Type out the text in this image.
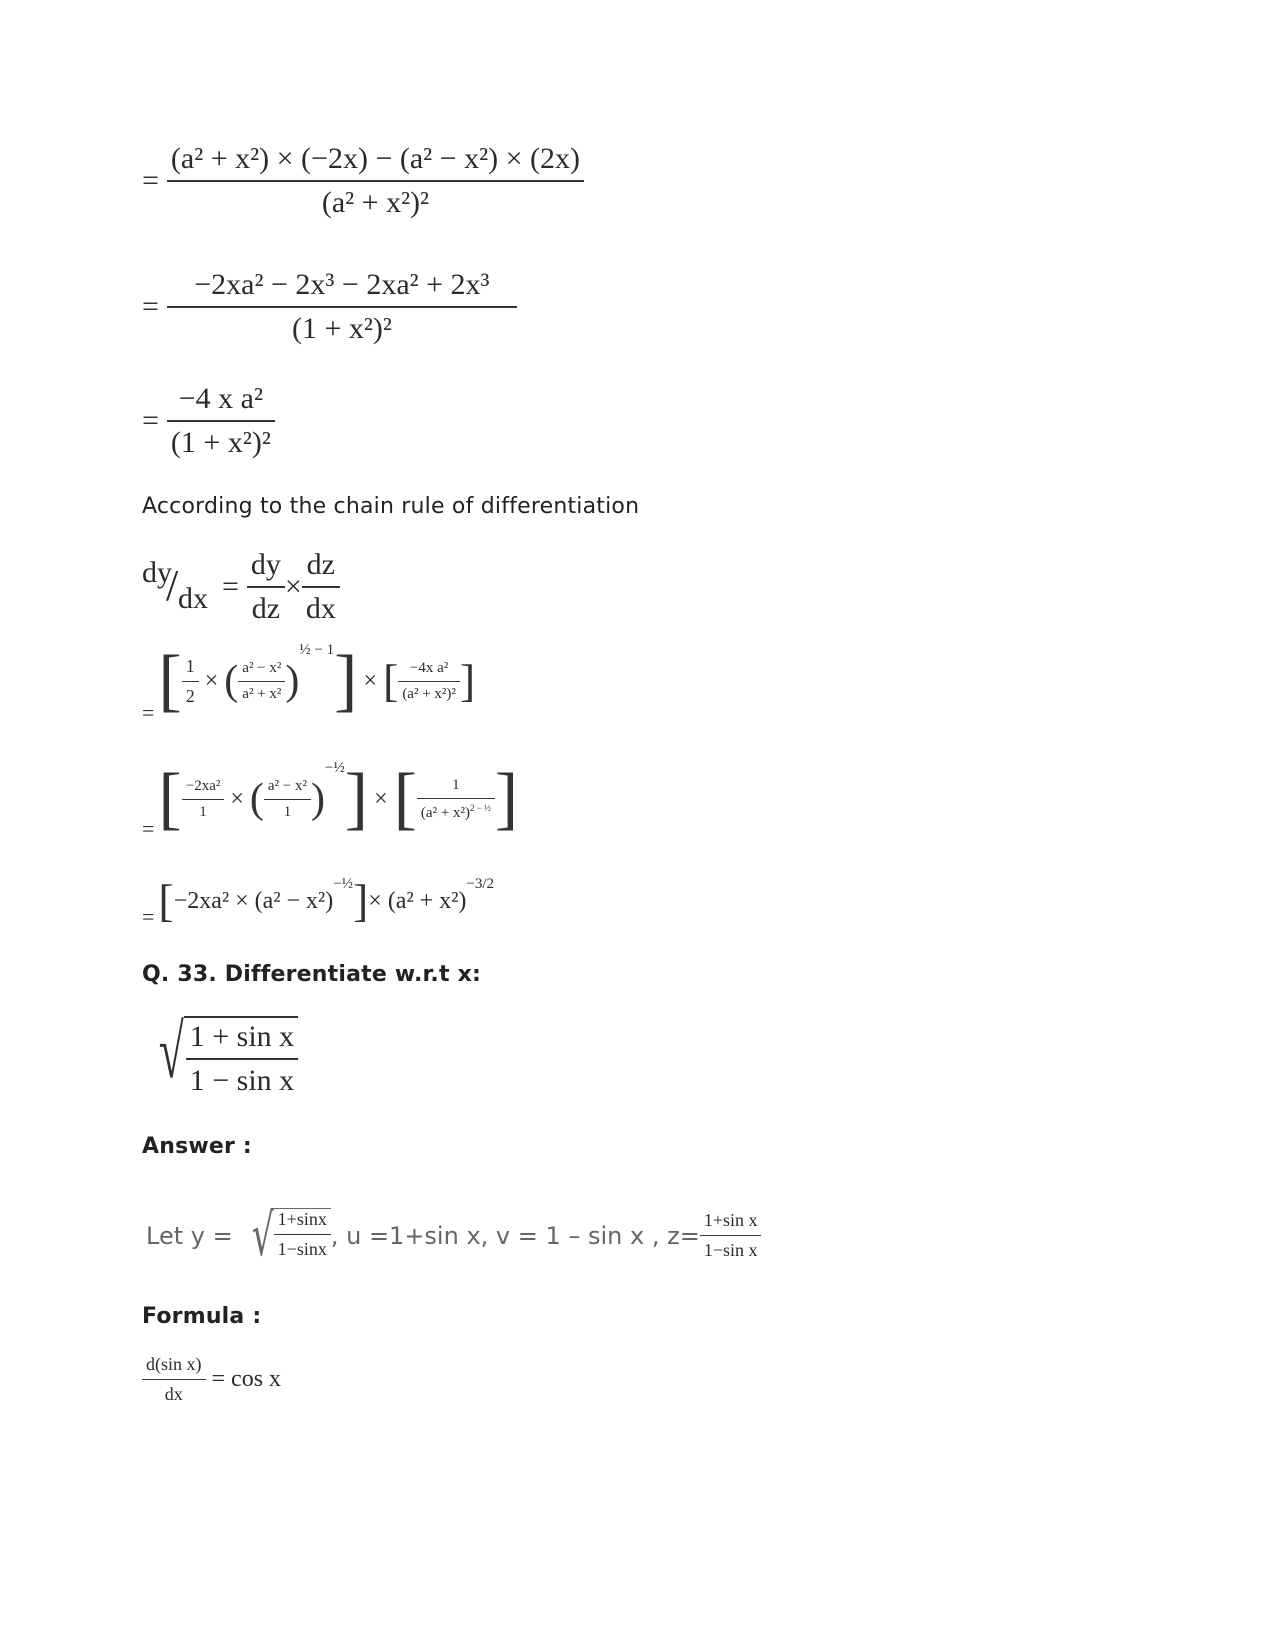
= $\frac{\text{(a² + x²) × (−2x) − (a² − x²) × (2x)}}{\text{(a² + x²)²}}$
= $\frac{\text{−2xa² − 2x³ − 2xa² + 2x³}}{\text{(1 + x²)²}}$
= $\frac{\text{−4 x a²}}{\text{(1 + x²)²}}$
According to the chain rule of differentiation
dy
/ dx = $\frac{dy}{dz} \times \frac{dz}{dx}$
= [ $\frac{1}{2}$ × ( $\frac{\text{a² − x²}}{\text{a² + x²}}$ )
½ − 1 ] × [ $\frac{\text{−4x a²}}{\text{(a² + x²)²}}$ ]
= [ $\frac{\text{−2xa²}}{1}$ × ( $\frac{\text{a² − x²}}{1}$ )
−½ ] × [ $\frac{1}{(a^2 + x^2)^{2 - \frac{1}{2}}}$ ]
= [ −2xa² × (a² − x²)
−½ ] × (a² + x²)
−3/2
Q. 33. Differentiate w.r.t x:
√ $\frac{\text{1 + sin x}}{\text{1 − sin x}}$
Answer :
Let y = √ $\frac{1+\sin x}{1-\sin x}$ , u =1+sin x, v = 1 – sin x , $z= \frac{\text{1+sin x}}{\text{1−sin x}}$
Formula :
$\frac{\text{d(sin x)}}{dx} = \cos x$
